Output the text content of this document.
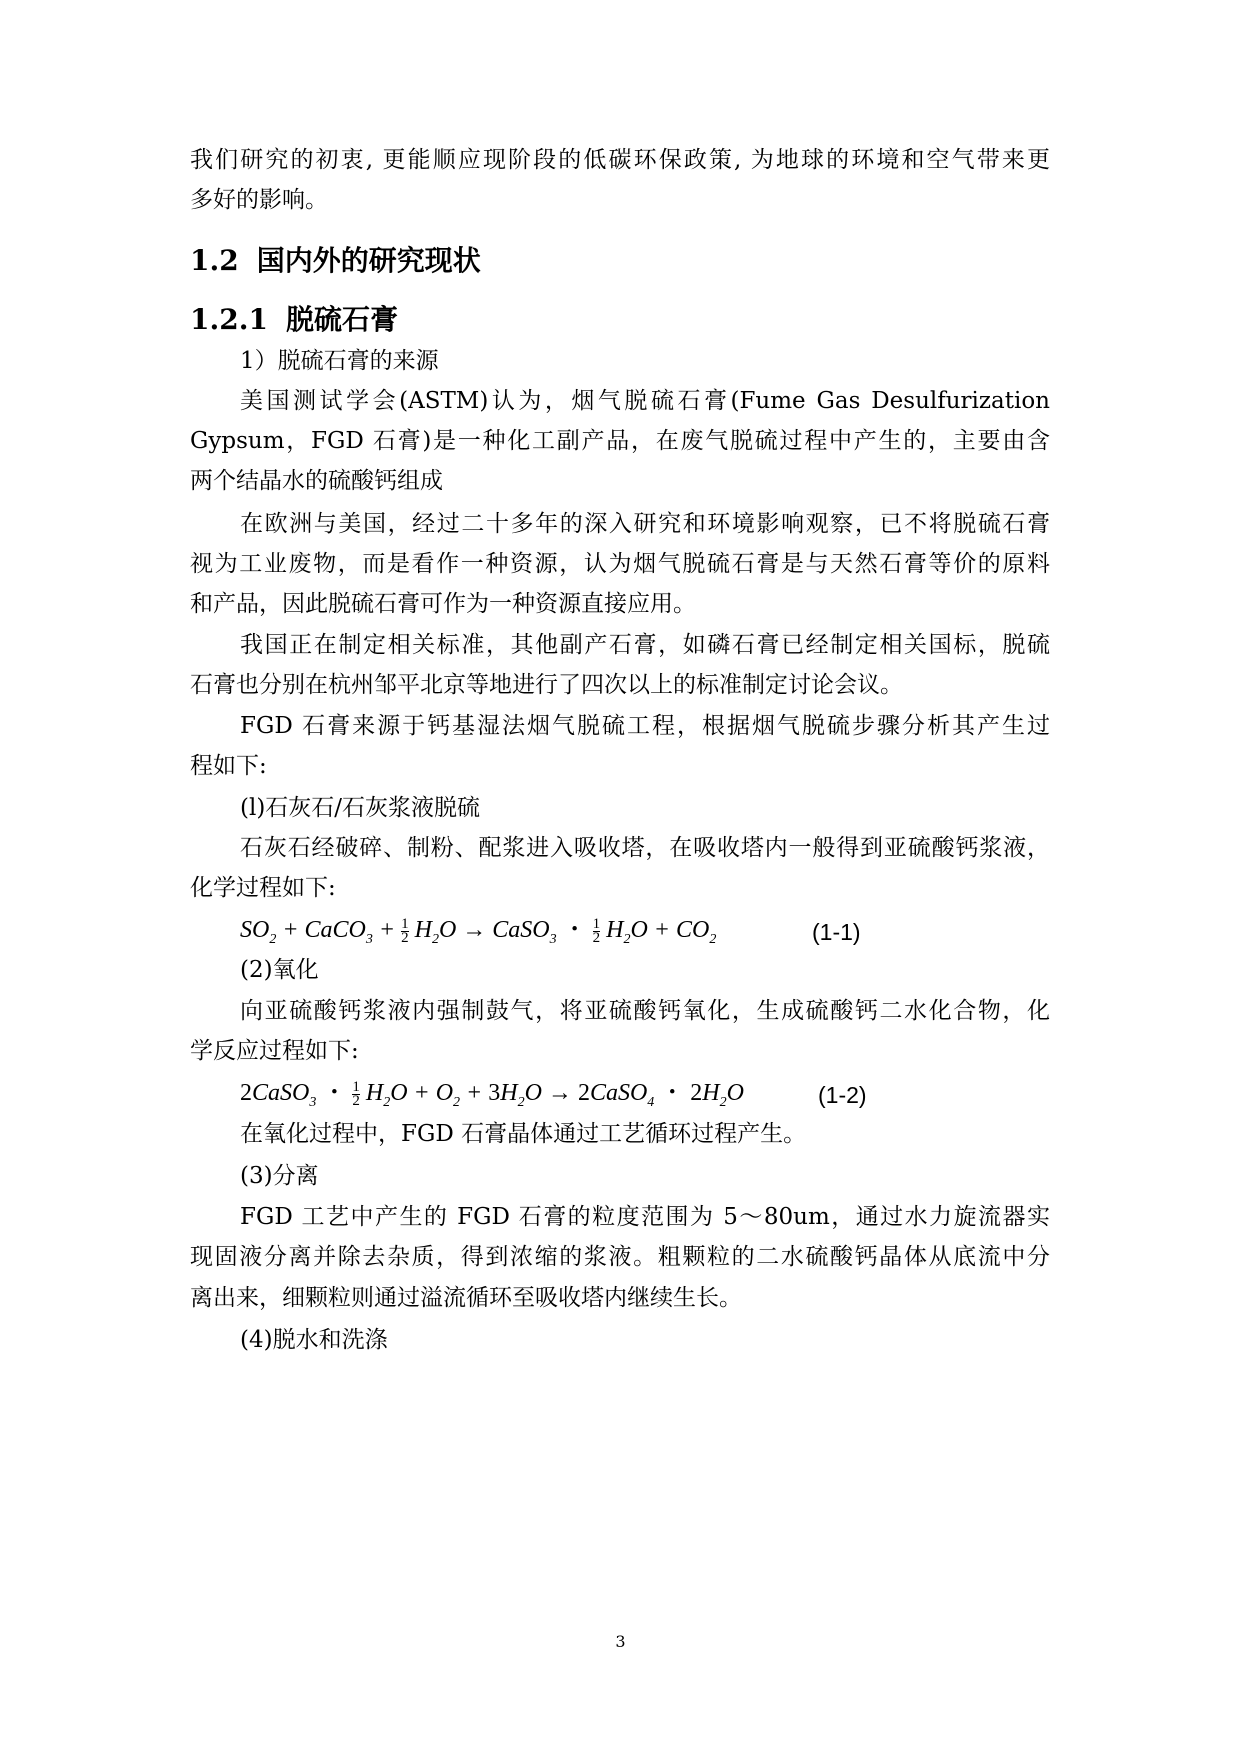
我们研究的初衷, 更能顺应现阶段的低碳环保政策, 为地球的环境和空气带来更
多好的影响。
1.2 国内外的研究现状
1.2.1 脱硫石膏
1）脱硫石膏的来源
美国测试学会(ASTM)认为，烟气脱硫石膏(Fume Gas Desulfurization
Gypsum，FGD 石膏)是一种化工副产品，在废气脱硫过程中产生的，主要由含
两个结晶水的硫酸钙组成
在欧洲与美国，经过二十多年的深入研究和环境影响观察，已不将脱硫石膏
视为工业废物，而是看作一种资源，认为烟气脱硫石膏是与天然石膏等价的原料
和产品，因此脱硫石膏可作为一种资源直接应用。
我国正在制定相关标准，其他副产石膏，如磷石膏已经制定相关国标，脱硫
石膏也分别在杭州邹平北京等地进行了四次以上的标准制定讨论会议。
FGD 石膏来源于钙基湿法烟气脱硫工程，根据烟气脱硫步骤分析其产生过
程如下:
(l)石灰石/石灰浆液脱硫
石灰石经破碎、制粉、配浆进入吸收塔，在吸收塔内一般得到亚硫酸钙浆液，
化学过程如下:
$SO_2$ + CaCO$_3$ + $\frac{1}{2} H_2O$ → CaSO$_3$ ・ $\frac{1}{2} H_2O + CO_2$	(1-1)
(2)氧化
向亚硫酸钙浆液内强制鼓气，将亚硫酸钙氧化，生成硫酸钙二水化合物，化
学反应过程如下:
2CaSO$_3$ ・ $\frac{1}{2} H_2O + O_2 + 3H_2O$ → 2CaSO$_4$ ・ $2H_2O$	(1-2)
在氧化过程中，FGD 石膏晶体通过工艺循环过程产生。
(3)分离
FGD 工艺中产生的 FGD 石膏的粒度范围为 5～80um，通过水力旋流器实
现固液分离并除去杂质，得到浓缩的浆液。粗颗粒的二水硫酸钙晶体从底流中分
离出来，细颗粒则通过溢流循环至吸收塔内继续生长。
(4)脱水和洗涤
3
